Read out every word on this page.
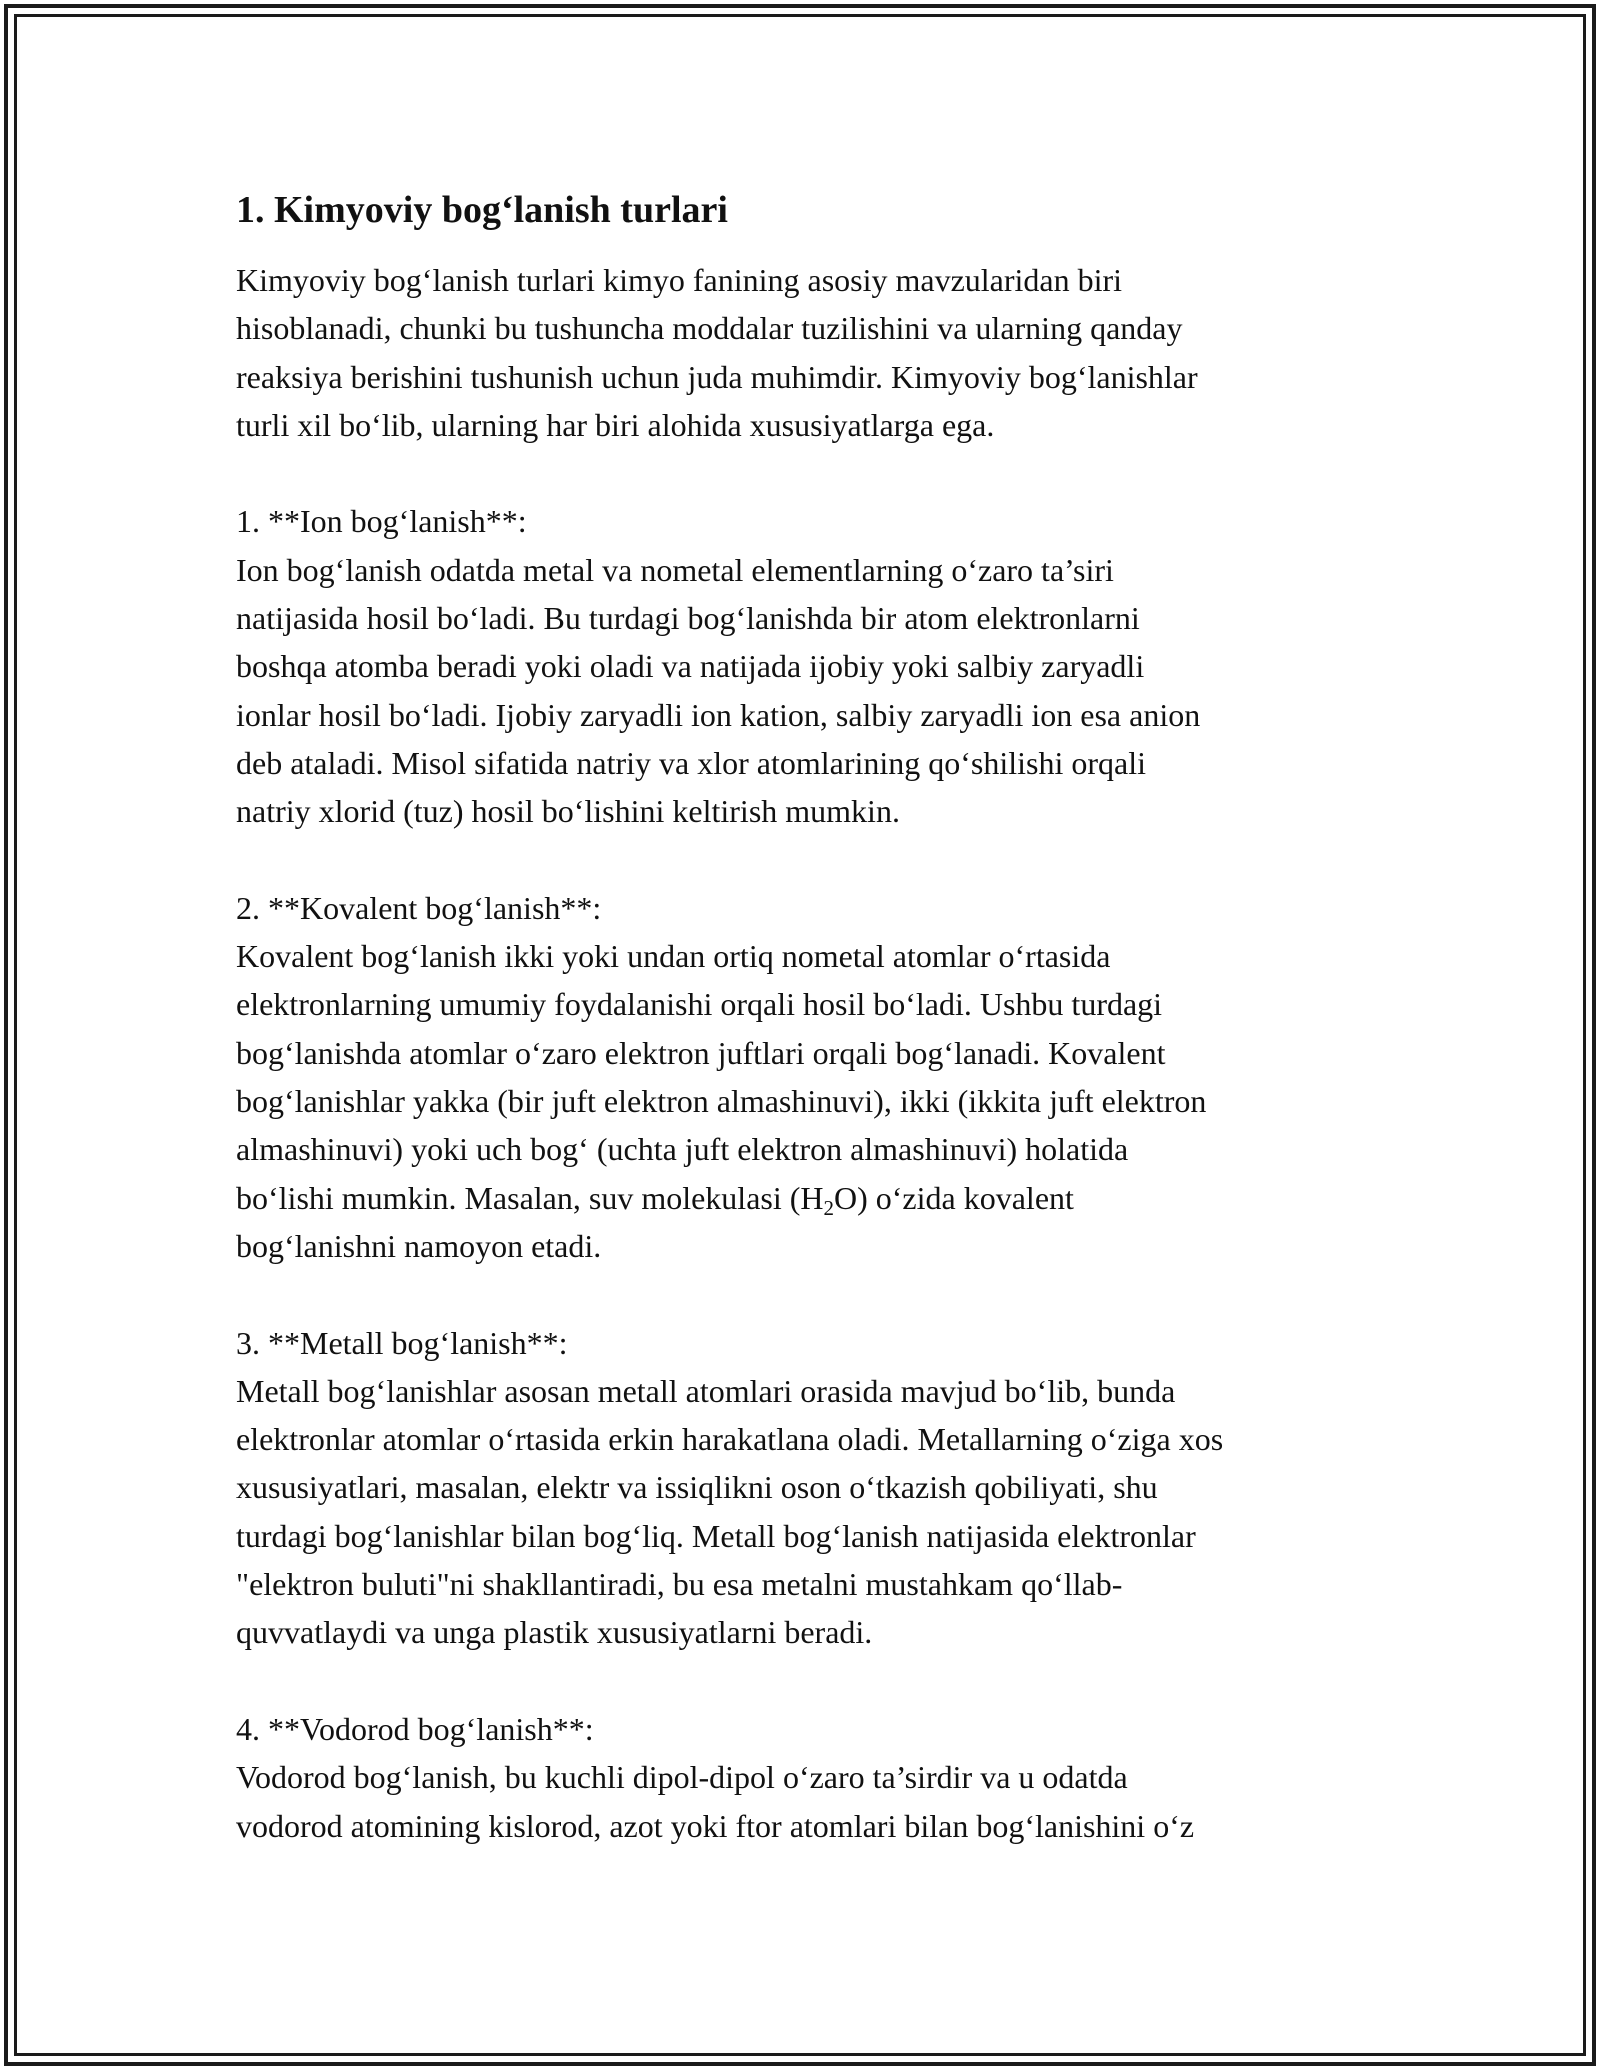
1. Kimyoviy bog‘lanish turlari
Kimyoviy bog‘lanish turlari kimyo fanining asosiy mavzularidan biri
hisoblanadi, chunki bu tushuncha moddalar tuzilishini va ularning qanday
reaksiya berishini tushunish uchun juda muhimdir. Kimyoviy bog‘lanishlar
turli xil bo‘lib, ularning har biri alohida xususiyatlarga ega.
1. **Ion bog‘lanish**:
Ion bog‘lanish odatda metal va nometal elementlarning o‘zaro ta’siri
natijasida hosil bo‘ladi. Bu turdagi bog‘lanishda bir atom elektronlarni
boshqa atomba beradi yoki oladi va natijada ijobiy yoki salbiy zaryadli
ionlar hosil bo‘ladi. Ijobiy zaryadli ion kation, salbiy zaryadli ion esa anion
deb ataladi. Misol sifatida natriy va xlor atomlarining qo‘shilishi orqali
natriy xlorid (tuz) hosil bo‘lishini keltirish mumkin.
2. **Kovalent bog‘lanish**:
Kovalent bog‘lanish ikki yoki undan ortiq nometal atomlar o‘rtasida
elektronlarning umumiy foydalanishi orqali hosil bo‘ladi. Ushbu turdagi
bog‘lanishda atomlar o‘zaro elektron juftlari orqali bog‘lanadi. Kovalent
bog‘lanishlar yakka (bir juft elektron almashinuvi), ikki (ikkita juft elektron
almashinuvi) yoki uch bog‘ (uchta juft elektron almashinuvi) holatida
bo‘lishi mumkin. Masalan, suv molekulasi $(H_2O)$ o‘zida kovalent
bog‘lanishni namoyon etadi.
3. **Metall bog‘lanish**:
Metall bog‘lanishlar asosan metall atomlari orasida mavjud bo‘lib, bunda
elektronlar atomlar o‘rtasida erkin harakatlana oladi. Metallarning o‘ziga xos
xususiyatlari, masalan, elektr va issiqlikni oson o‘tkazish qobiliyati, shu
turdagi bog‘lanishlar bilan bog‘liq. Metall bog‘lanish natijasida elektronlar
"elektron buluti"ni shakllantiradi, bu esa metalni mustahkam qo‘llab-
quvvatlaydi va unga plastik xususiyatlarni beradi.
4. **Vodorod bog‘lanish**:
Vodorod bog‘lanish, bu kuchli dipol-dipol o‘zaro ta’sirdir va u odatda
vodorod atomining kislorod, azot yoki ftor atomlari bilan bog‘lanishini o‘z
